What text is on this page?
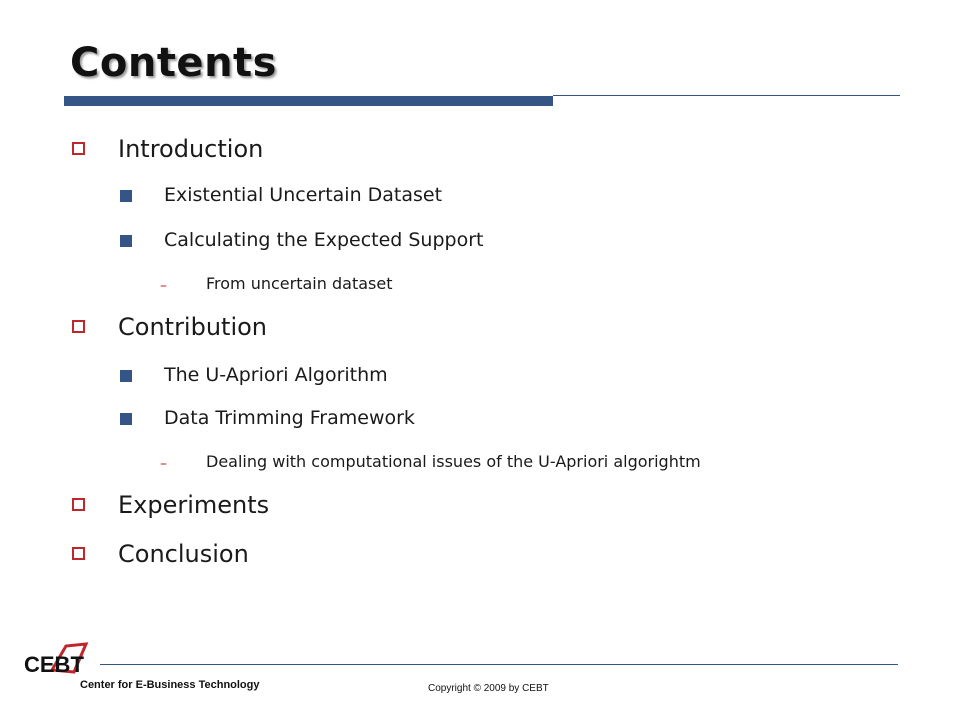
Contents
Introduction
Existential Uncertain Dataset
Calculating the Expected Support
– From uncertain dataset
Contribution
The U-Apriori Algorithm
Data Trimming Framework
– Dealing with computational issues of the U-Apriori algorightm
Experiments
Conclusion
CEBT
Center for E-Business Technology	Copyright © 2009 by CEBT
